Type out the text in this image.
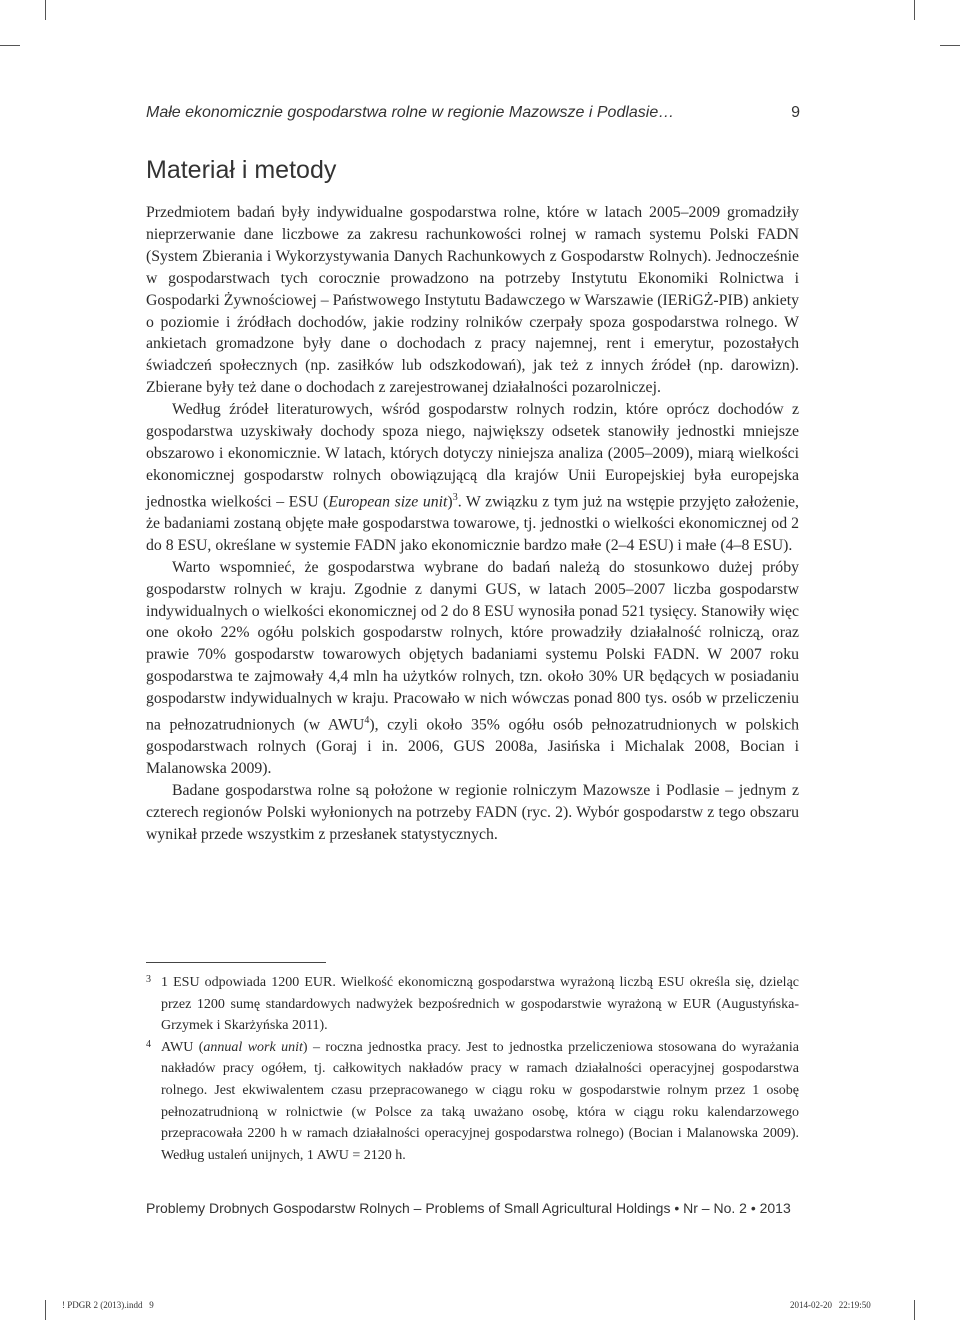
Małe ekonomicznie gospodarstwa rolne w regionie Mazowsze i Podlasie…	9
Materiał i metody

Przedmiotem badań były indywidualne gospodarstwa rolne, które w latach 2005–2009 gromadziły nieprzerwanie dane liczbowe za zakresu rachunkowości rolnej w ramach systemu Polski FADN (System Zbierania i Wykorzystywania Danych Rachunkowych z Gospodarstw Rolnych). Jednocześnie w gospodarstwach tych corocznie prowadzono na potrzeby Instytutu Ekonomiki Rolnictwa i Gospodarki Żywnościowej – Państwowego Instytutu Badawczego w Warszawie (IERiGŻ-PIB) ankiety o poziomie i źródłach dochodów, jakie rodziny rolników czerpały spoza gospodarstwa rolnego. W ankietach gromadzone były dane o dochodach z pracy najemnej, rent i emerytur, pozostałych świadczeń społecznych (np. zasiłków lub odszkodowań), jak też z innych źródeł (np. darowizn). Zbierane były też dane o dochodach z zarejestrowanej działalności pozarolniczej.

Według źródeł literaturowych, wśród gospodarstw rolnych rodzin, które oprócz dochodów z gospodarstwa uzyskiwały dochody spoza niego, największy odsetek stanowiły jednostki mniejsze obszarowo i ekonomicznie. W latach, których dotyczy niniejsza analiza (2005–2009), miarą wielkości ekonomicznej gospodarstw rolnych obowiązującą dla krajów Unii Europejskiej była europejska jednostka wielkości – ESU (European size unit)$^3$. W związku z tym już na wstępie przyjęto założenie, że badaniami zostaną objęte małe gospodarstwa towarowe, tj. jednostki o wielkości ekonomicznej od 2 do 8 ESU, określane w systemie FADN jako ekonomicznie bardzo małe (2–4 ESU) i małe (4–8 ESU).

Warto wspomnieć, że gospodarstwa wybrane do badań należą do stosunkowo dużej próby gospodarstw rolnych w kraju. Zgodnie z danymi GUS, w latach 2005–2007 liczba gospodarstw indywidualnych o wielkości ekonomicznej od 2 do 8 ESU wynosiła ponad 521 tysięcy. Stanowiły więc one około 22% ogółu polskich gospodarstw rolnych, które prowadziły działalność rolniczą, oraz prawie 70% gospodarstw towarowych objętych badaniami systemu Polski FADN. W 2007 roku gospodarstwa te zajmowały 4,4 mln ha użytków rolnych, tzn. około 30% UR będących w posiadaniu gospodarstw indywidualnych w kraju. Pracowało w nich wówczas ponad 800 tys. osób w przeliczeniu na pełnozatrudnionych (w AWU$^4$), czyli około 35% ogółu osób pełnozatrudnionych w polskich gospodarstwach rolnych (Goraj i in. 2006, GUS 2008a, Jasińska i Michalak 2008, Bocian i Malanowska 2009).

Badane gospodarstwa rolne są położone w regionie rolniczym Mazowsze i Podlasie – jednym z czterech regionów Polski wyłonionych na potrzeby FADN (ryc. 2). Wybór gospodarstw z tego obszaru wynikał przede wszystkim z przesłanek statystycznych.

3 1 ESU odpowiada 1200 EUR. Wielkość ekonomiczną gospodarstwa wyrażoną liczbą ESU określa się, dzieląc przez 1200 sumę standardowych nadwyżek bezpośrednich w gospodarstwie wyrażoną w EUR (Augustyńska-Grzymek i Skarżyńska 2011).

4 AWU (annual work unit) – roczna jednostka pracy. Jest to jednostka przeliczeniowa stosowana do wyrażania nakładów pracy ogółem, tj. całkowitych nakładów pracy w ramach działalności operacyjnej gospodarstwa rolnego. Jest ekwiwalentem czasu przepracowanego w ciągu roku w gospodarstwie rolnym przez 1 osobę pełnozatrudnioną w rolnictwie (w Polsce za taką uważano osobę, która w ciągu roku kalendarzowego przepracowała 2200 h w ramach działalności operacyjnej gospodarstwa rolnego) (Bocian i Malanowska 2009). Według ustaleń unijnych, 1 AWU = 2120 h.

Problemy Drobnych Gospodarstw Rolnych – Problems of Small Agricultural Holdings • Nr – No. 2 • 2013
! PDGR 2 (2013).indd   9	2014-02-20   22:19:50
